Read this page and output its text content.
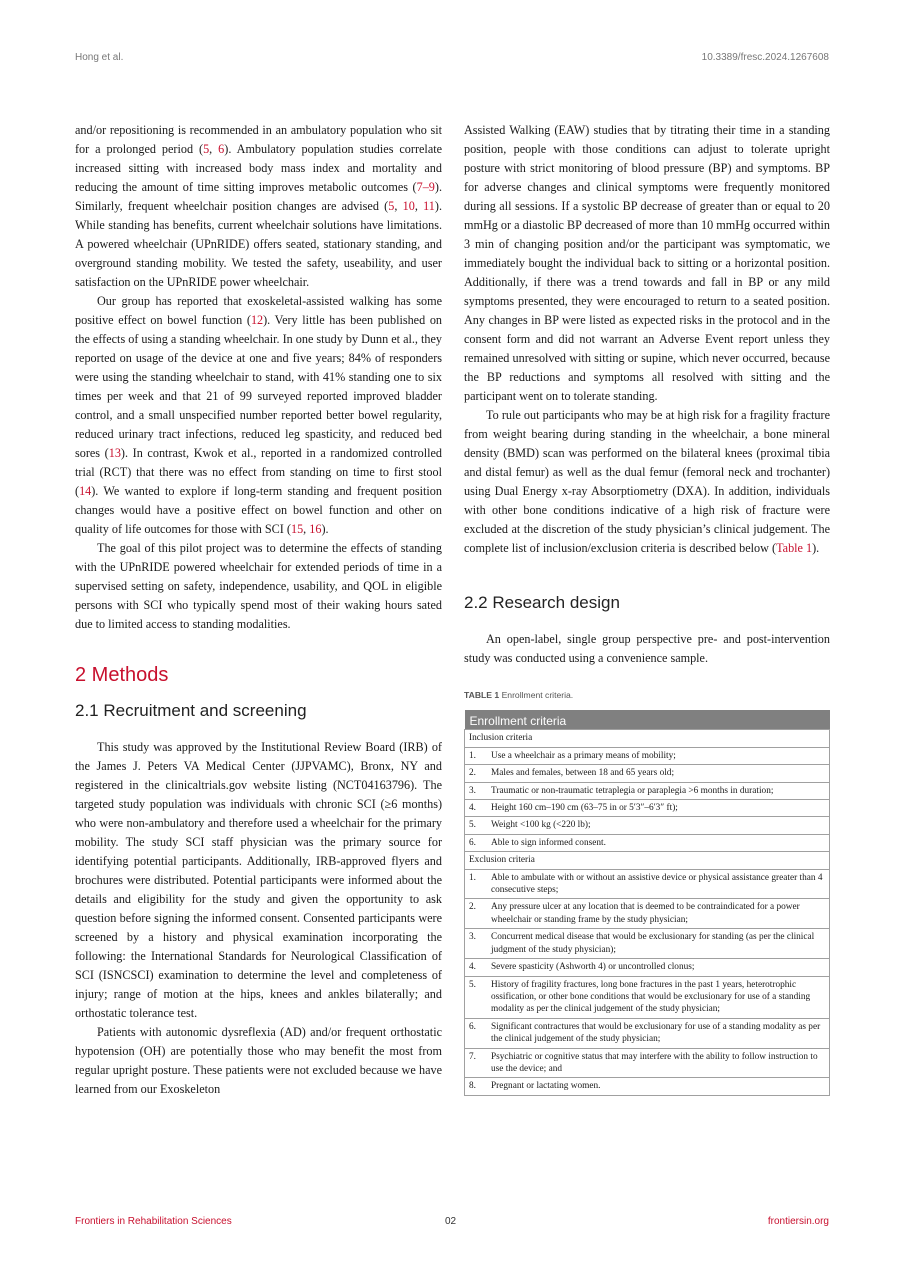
Hong et al.	10.3389/fresc.2024.1267608

and/or repositioning is recommended in an ambulatory population who sit for a prolonged period (5, 6). Ambulatory population studies correlate increased sitting with increased body mass index and mortality and reducing the amount of time sitting improves metabolic outcomes (7–9). Similarly, frequent wheelchair position changes are advised (5, 10, 11). While standing has benefits, current wheelchair solutions have limitations. A powered wheelchair (UPnRIDE) offers seated, stationary standing, and overground standing mobility. We tested the safety, useability, and user satisfaction on the UPnRIDE power wheelchair.

Our group has reported that exoskeletal-assisted walking has some positive effect on bowel function (12). Very little has been published on the effects of using a standing wheelchair. In one study by Dunn et al., they reported on usage of the device at one and five years; 84% of responders were using the standing wheelchair to stand, with 41% standing one to six times per week and that 21 of 99 surveyed reported improved bladder control, and a small unspecified number reported better bowel regularity, reduced urinary tract infections, reduced leg spasticity, and reduced bed sores (13). In contrast, Kwok et al., reported in a randomized controlled trial (RCT) that there was no effect from standing on time to first stool (14). We wanted to explore if long-term standing and frequent position changes would have a positive effect on bowel function and other on quality of life outcomes for those with SCI (15, 16).

The goal of this pilot project was to determine the effects of standing with the UPnRIDE powered wheelchair for extended periods of time in a supervised setting on safety, independence, usability, and QOL in eligible persons with SCI who typically spend most of their waking hours sated due to limited access to standing modalities.

2 Methods
2.1 Recruitment and screening

This study was approved by the Institutional Review Board (IRB) of the James J. Peters VA Medical Center (JJPVAMC), Bronx, NY and registered in the clinicaltrials.gov website listing (NCT04163796). The targeted study population was individuals with chronic SCI (≥6 months) who were non-ambulatory and therefore used a wheelchair for the primary mobility. The study SCI staff physician was the primary source for identifying potential participants. Additionally, IRB-approved flyers and brochures were distributed. Potential participants were informed about the details and eligibility for the study and given the opportunity to ask question before signing the informed consent. Consented participants were screened by a history and physical examination incorporating the following: the International Standards for Neurological Classification of SCI (ISNCSCI) examination to determine the level and completeness of injury; range of motion at the hips, knees and ankles bilaterally; and orthostatic tolerance test.

Patients with autonomic dysreflexia (AD) and/or frequent orthostatic hypotension (OH) are potentially those who may benefit the most from regular upright posture. These patients were not excluded because we have learned from our Exoskeleton

Assisted Walking (EAW) studies that by titrating their time in a standing position, people with those conditions can adjust to tolerate upright posture with strict monitoring of blood pressure (BP) and symptoms. BP for adverse changes and clinical symptoms were frequently monitored during all sessions. If a systolic BP decrease of greater than or equal to 20 mmHg or a diastolic BP decreased of more than 10 mmHg occurred within 3 min of changing position and/or the participant was symptomatic, we immediately bought the individual back to sitting or a horizontal position. Additionally, if there was a trend towards and fall in BP or any mild symptoms presented, they were encouraged to return to a seated position. Any changes in BP were listed as expected risks in the protocol and in the consent form and did not warrant an Adverse Event report unless they remained unresolved with sitting or supine, which never occurred, because the BP reductions and symptoms all resolved with sitting and the participant went on to tolerate standing.

To rule out participants who may be at high risk for a fragility fracture from weight bearing during standing in the wheelchair, a bone mineral density (BMD) scan was performed on the bilateral knees (proximal tibia and distal femur) as well as the dual femur (femoral neck and trochanter) using Dual Energy x-ray Absorptiometry (DXA). In addition, individuals with other bone conditions indicative of a high risk of fracture were excluded at the discretion of the study physician’s clinical judgement. The complete list of inclusion/exclusion criteria is described below (Table 1).

2.2 Research design

An open-label, single group perspective pre- and post-intervention study was conducted using a convenience sample.

TABLE 1 Enrollment criteria.
Enrollment criteria	
Inclusion criteria	
1.	Use a wheelchair as a primary means of mobility;
2.	Males and females, between 18 and 65 years old;
3.	Traumatic or non-traumatic tetraplegia or paraplegia >6 months in duration;
4.	Height 160 cm–190 cm (63–75 in or 5′3″–6′3″ ft);
5.	Weight <100 kg (<220 lb);
6.	Able to sign informed consent.
Exclusion criteria	
1.	Able to ambulate with or without an assistive device or physical assistance greater than 4 consecutive steps;
2.	Any pressure ulcer at any location that is deemed to be contraindicated for a power wheelchair or standing frame by the study physician;
3.	Concurrent medical disease that would be exclusionary for standing (as per the clinical judgment of the study physician);
4.	Severe spasticity (Ashworth 4) or uncontrolled clonus;
5.	History of fragility fractures, long bone fractures in the past 1 years, heterotrophic ossification, or other bone conditions that would be exclusionary for use of a standing modality as per the clinical judgement of the study physician;
6.	Significant contractures that would be exclusionary for use of a standing modality as per the clinical judgement of the study physician;
7.	Psychiatric or cognitive status that may interfere with the ability to follow instruction to use the device; and
8.	Pregnant or lactating women.
Frontiers in Rehabilitation Sciences	02	frontiersin.org
